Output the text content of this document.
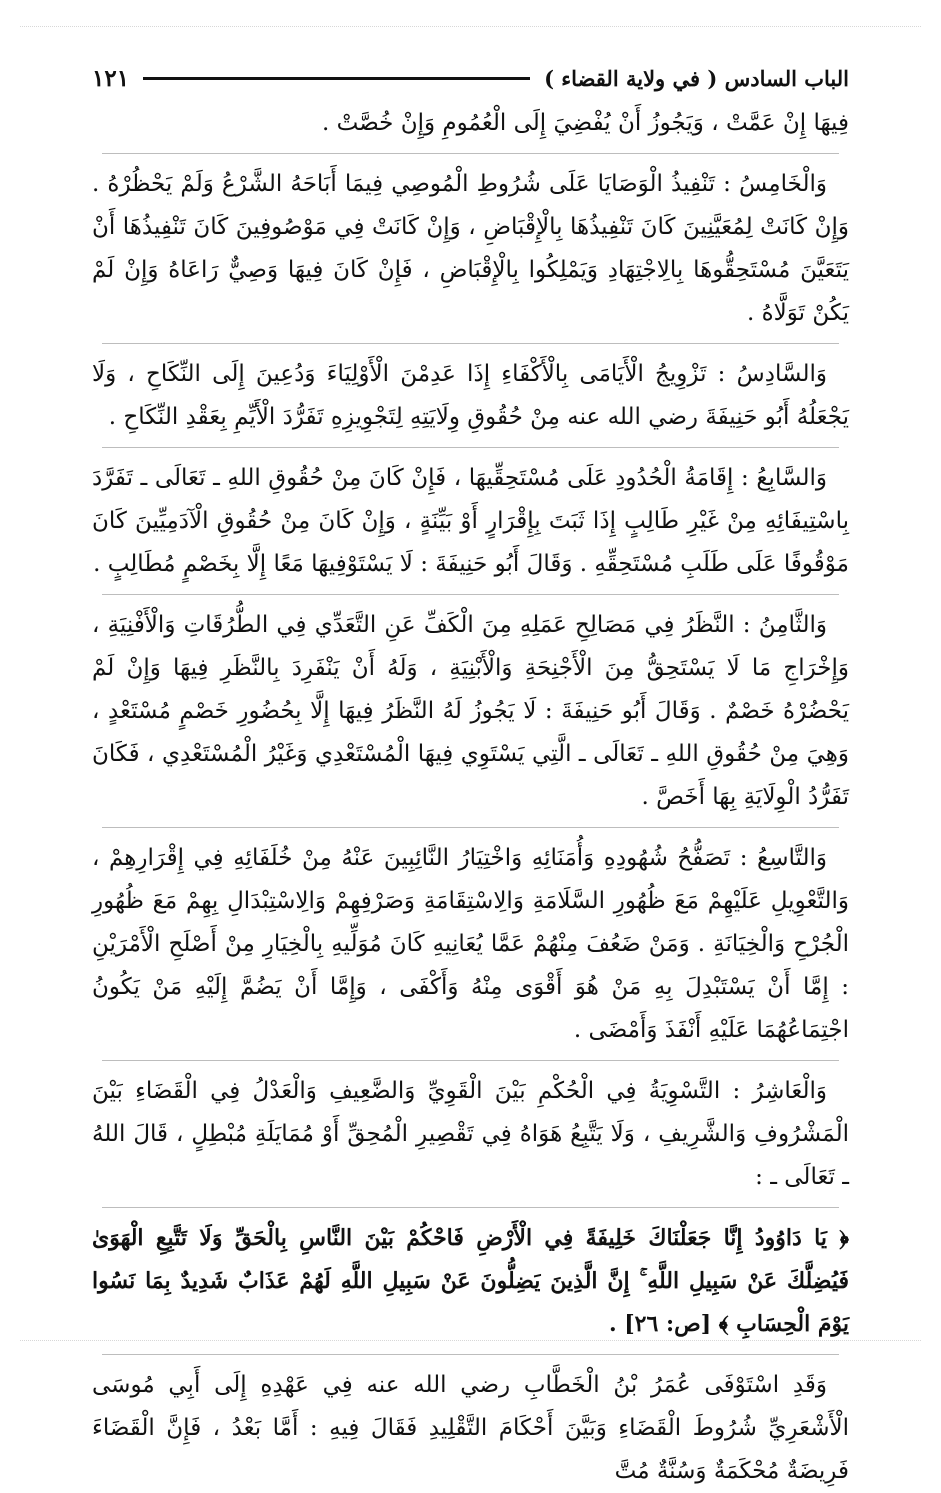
الباب السادس ( في ولاية القضاء )
١٢١

فِيهَا إِنْ عَمَّتْ ، وَيَجُوزُ أَنْ يُفْضِيَ إِلَى الْعُمُومِ وَإِنْ خُصَّتْ .

وَالْخَامِسُ : تَنْفِيذُ الْوَصَايَا عَلَى شُرُوطِ الْمُوصِي فِيمَا أَبَاحَهُ الشَّرْعُ وَلَمْ يَحْظُرْهُ . وَإِنْ كَانَتْ لِمُعَيَّنِينَ كَانَ تَنْفِيذُهَا بِالْإِقْبَاضِ ، وَإِنْ كَانَتْ فِي مَوْصُوفِينَ كَانَ تَنْفِيذُهَا أَنْ يَتَعَيَّنَ مُسْتَحِقُّوهَا بِالِاجْتِهَادِ وَيَمْلِكُوا بِالْإِقْبَاضِ ، فَإِنْ كَانَ فِيهَا وَصِيٌّ رَاعَاهُ وَإِنْ لَمْ يَكُنْ تَوَلَّاهُ .

وَالسَّادِسُ : تَزْوِيجُ الْأَيَامَى بِالْأَكْفَاءِ إِذَا عَدِمْنَ الْأَوْلِيَاءَ وَدُعِينَ إِلَى النِّكَاحِ ، وَلَا يَجْعَلُهُ أَبُو حَنِيفَةَ رضي الله عنه مِنْ حُقُوقِ وِلَايَتِهِ لِتَجْوِيزِهِ تَفَرُّدَ الْأَيِّمِ بِعَقْدِ النِّكَاحِ .

وَالسَّابِعُ : إِقَامَةُ الْحُدُودِ عَلَى مُسْتَحِقِّيهَا ، فَإِنْ كَانَ مِنْ حُقُوقِ اللهِ ـ تَعَالَى ـ تَفَرَّدَ بِاسْتِيفَائِهِ مِنْ غَيْرِ طَالِبٍ إِذَا ثَبَتَ بِإِقْرَارٍ أَوْ بَيِّنَةٍ ، وَإِنْ كَانَ مِنْ حُقُوقِ الْآدَمِيِّينَ كَانَ مَوْقُوفًا عَلَى طَلَبِ مُسْتَحِقِّهِ . وَقَالَ أَبُو حَنِيفَةَ : لَا يَسْتَوْفِيهَا مَعًا إِلَّا بِخَصْمٍ مُطَالِبٍ .

وَالثَّامِنُ : النَّظَرُ فِي مَصَالِحِ عَمَلِهِ مِنَ الْكَفِّ عَنِ التَّعَدِّي فِي الطُّرُقَاتِ وَالْأَفْنِيَةِ ، وَإِخْرَاجِ مَا لَا يَسْتَحِقُّ مِنَ الْأَجْنِحَةِ وَالْأَبْنِيَةِ ، وَلَهُ أَنْ يَنْفَرِدَ بِالنَّظَرِ فِيهَا وَإِنْ لَمْ يَحْضُرْهُ خَصْمٌ . وَقَالَ أَبُو حَنِيفَةَ : لَا يَجُوزُ لَهُ النَّظَرُ فِيهَا إِلَّا بِحُضُورِ خَصْمٍ مُسْتَعْدٍ ، وَهِيَ مِنْ حُقُوقِ اللهِ ـ تَعَالَى ـ الَّتِي يَسْتَوِي فِيهَا الْمُسْتَعْدِي وَغَيْرُ الْمُسْتَعْدِي ، فَكَانَ تَفَرُّدُ الْوِلَايَةِ بِهَا أَخَصَّ .

وَالتَّاسِعُ : تَصَفُّحُ شُهُودِهِ وَأُمَنَائِهِ وَاخْتِيَارُ النَّائِبِينَ عَنْهُ مِنْ خُلَفَائِهِ فِي إِقْرَارِهِمْ ، وَالتَّعْوِيلِ عَلَيْهِمْ مَعَ ظُهُورِ السَّلَامَةِ وَالِاسْتِقَامَةِ وَصَرْفِهِمْ وَالِاسْتِبْدَالِ بِهِمْ مَعَ ظُهُورِ الْجُرْحِ وَالْخِيَانَةِ . وَمَنْ ضَعُفَ مِنْهُمْ عَمَّا يُعَانِيهِ كَانَ مُوَلِّيهِ بِالْخِيَارِ مِنْ أَصْلَحِ الْأَمْرَيْنِ : إِمَّا أَنْ يَسْتَبْدِلَ بِهِ مَنْ هُوَ أَقْوَى مِنْهُ وَأَكْفَى ، وَإِمَّا أَنْ يَضُمَّ إِلَيْهِ مَنْ يَكُونُ اجْتِمَاعُهُمَا عَلَيْهِ أَنْفَذَ وَأَمْضَى .

وَالْعَاشِرُ : التَّسْوِيَةُ فِي الْحُكْمِ بَيْنَ الْقَوِيِّ وَالضَّعِيفِ وَالْعَدْلُ فِي الْقَضَاءِ بَيْنَ الْمَشْرُوفِ وَالشَّرِيفِ ، وَلَا يَتَّبِعُ هَوَاهُ فِي تَقْصِيرِ الْمُحِقِّ أَوْ مُمَايَلَةِ مُبْطِلٍ ، قَالَ اللهُ ـ تَعَالَى ـ :

﴿ يَا دَاوُودُ إِنَّا جَعَلْنَاكَ خَلِيفَةً فِي الْأَرْضِ فَاحْكُمْ بَيْنَ النَّاسِ بِالْحَقِّ وَلَا تَتَّبِعِ الْهَوَىٰ فَيُضِلَّكَ عَنْ سَبِيلِ اللَّهِ ۚ إِنَّ الَّذِينَ يَضِلُّونَ عَنْ سَبِيلِ اللَّهِ لَهُمْ عَذَابٌ شَدِيدٌ بِمَا نَسُوا يَوْمَ الْحِسَابِ ﴾ [ص: ٢٦] .

وَقَدِ اسْتَوْفَى عُمَرُ بْنُ الْخَطَّابِ رضي الله عنه فِي عَهْدِهِ إِلَى أَبِي مُوسَى الْأَشْعَرِيِّ شُرُوطَ الْقَضَاءِ وَبَيَّنَ أَحْكَامَ التَّقْلِيدِ فَقَالَ فِيهِ : أَمَّا بَعْدُ ، فَإِنَّ الْقَضَاءَ فَرِيضَةٌ مُحْكَمَةٌ وَسُنَّةٌ مُتَّ
